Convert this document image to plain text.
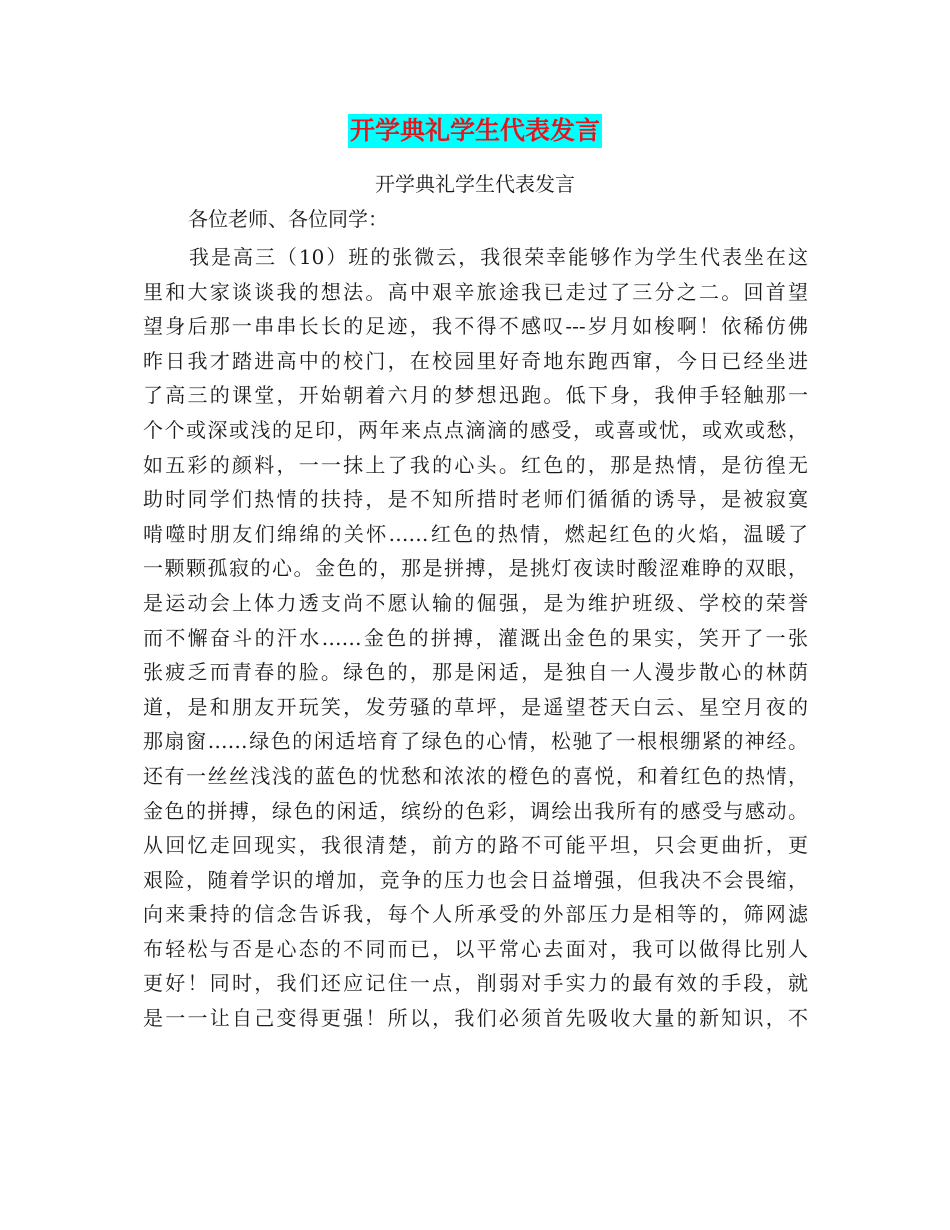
开学典礼学生代表发言
开学典礼学生代表发言
各位老师、各位同学：
我是高三（10）班的张微云，我很荣幸能够作为学生代表坐在这
里和大家谈谈我的想法。高中艰辛旅途我已走过了三分之二。回首望
望身后那一串串长长的足迹，我不得不感叹---岁月如梭啊！依稀仿佛
昨日我才踏进高中的校门，在校园里好奇地东跑西窜，今日已经坐进
了高三的课堂，开始朝着六月的梦想迅跑。低下身，我伸手轻触那一
个个或深或浅的足印，两年来点点滴滴的感受，或喜或忧，或欢或愁，
如五彩的颜料，一一抹上了我的心头。红色的，那是热情，是彷徨无
助时同学们热情的扶持，是不知所措时老师们循循的诱导，是被寂寞
啃噬时朋友们绵绵的关怀……红色的热情，燃起红色的火焰，温暖了
一颗颗孤寂的心。金色的，那是拼搏，是挑灯夜读时酸涩难睁的双眼，
是运动会上体力透支尚不愿认输的倔强，是为维护班级、学校的荣誉
而不懈奋斗的汗水……金色的拼搏，灌溉出金色的果实，笑开了一张
张疲乏而青春的脸。绿色的，那是闲适，是独自一人漫步散心的林荫
道，是和朋友开玩笑，发劳骚的草坪，是遥望苍天白云、星空月夜的
那扇窗……绿色的闲适培育了绿色的心情，松驰了一根根绷紧的神经。
还有一丝丝浅浅的蓝色的忧愁和浓浓的橙色的喜悦，和着红色的热情，
金色的拼搏，绿色的闲适，缤纷的色彩，调绘出我所有的感受与感动。
从回忆走回现实，我很清楚，前方的路不可能平坦，只会更曲折，更
艰险，随着学识的增加，竞争的压力也会日益增强，但我决不会畏缩，
向来秉持的信念告诉我，每个人所承受的外部压力是相等的，筛网滤
布轻松与否是心态的不同而已，以平常心去面对，我可以做得比别人
更好！同时，我们还应记住一点，削弱对手实力的最有效的手段，就
是一一让自己变得更强！所以，我们必须首先吸收大量的新知识，不
